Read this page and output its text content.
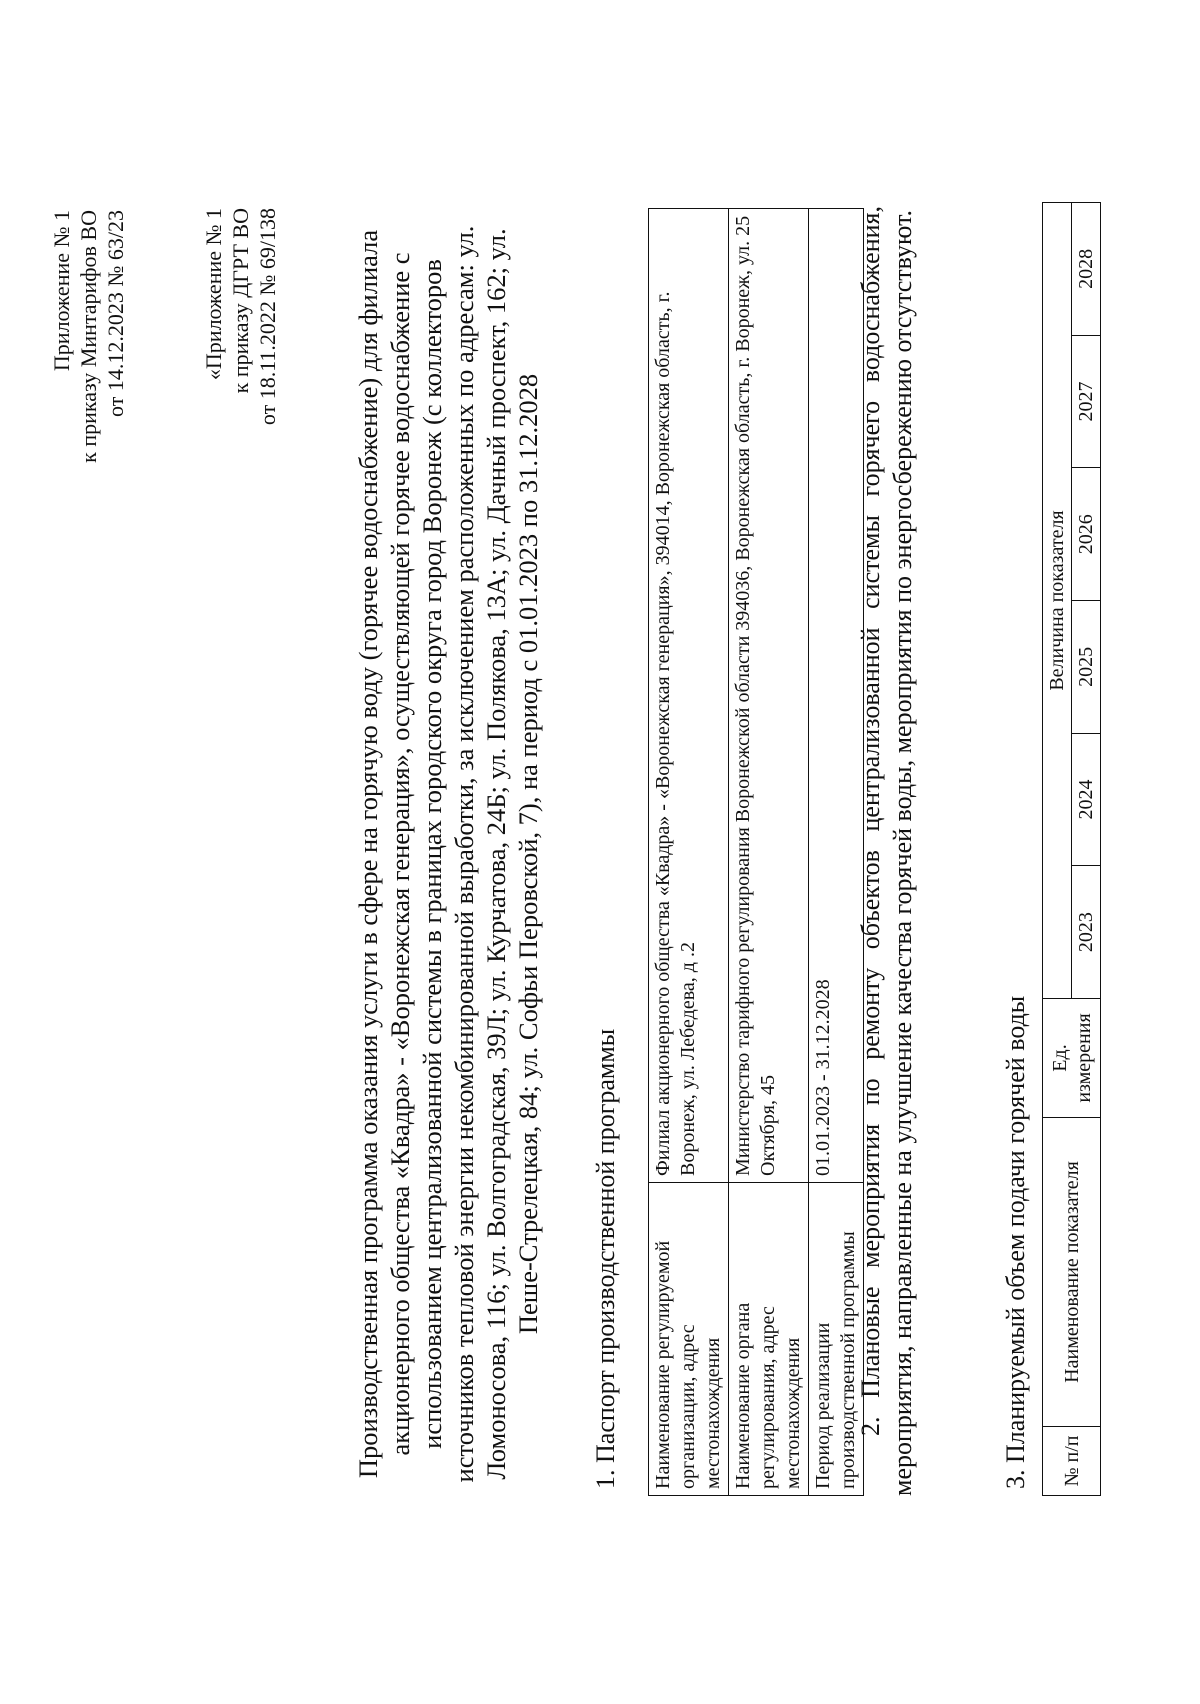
Приложение № 1 к приказу Минтарифов ВО от 14.12.2023 № 63/23	«Приложение № 1 к приказу ДГРТ ВО от 18.11.2022 № 69/138	Производственная программа оказания услуги в сфере на горячую воду (горячее водоснабжение) для филиала акционерного общества «Квадра» - «Воронежская генерация», осуществляющей горячее водоснабжение с использованием централизованной системы в границах городского округа город Воронеж (с коллекторов источников тепловой энергии некомбинированной выработки, за исключением расположенных по адресам: ул. Ломоносова, 116; ул. Волгоградская, 39Л; ул. Курчатова, 24Б; ул. Полякова, 13А; ул. Дачный проспект, 162; ул. Пеше-Стрелецкая, 84; ул. Софьи Перовской, 7), на период с 01.01.2023 по 31.12.2028 1. Паспорт производственной программы Наименование регулируемой организации, адрес местонахождения	Филиал акционерного общества «Квадра» - «Воронежская генерация», 394014, Воронежская область, г. Воронеж, ул. Лебедева, д .2
Наименование органа регулирования, адрес местонахождения	Министерство тарифного регулирования Воронежской области 394036, Воронежская область, г. Воронеж, ул. 25 Октября, 45
Период реализации производственной программы	01.01.2023 - 31.12.2028 2. Плановые мероприятия по ремонту объектов централизованной системы горячего водоснабжения, мероприятия, направленные на улучшение качества горячей воды, мероприятия по энергосбережению отсутствуют.	3. Планируемый объем подачи горячей воды № п/п	Наименование показателя	Ед. измерения	Величина показателя					
			2023	2024	2025	2026	2027	2028
